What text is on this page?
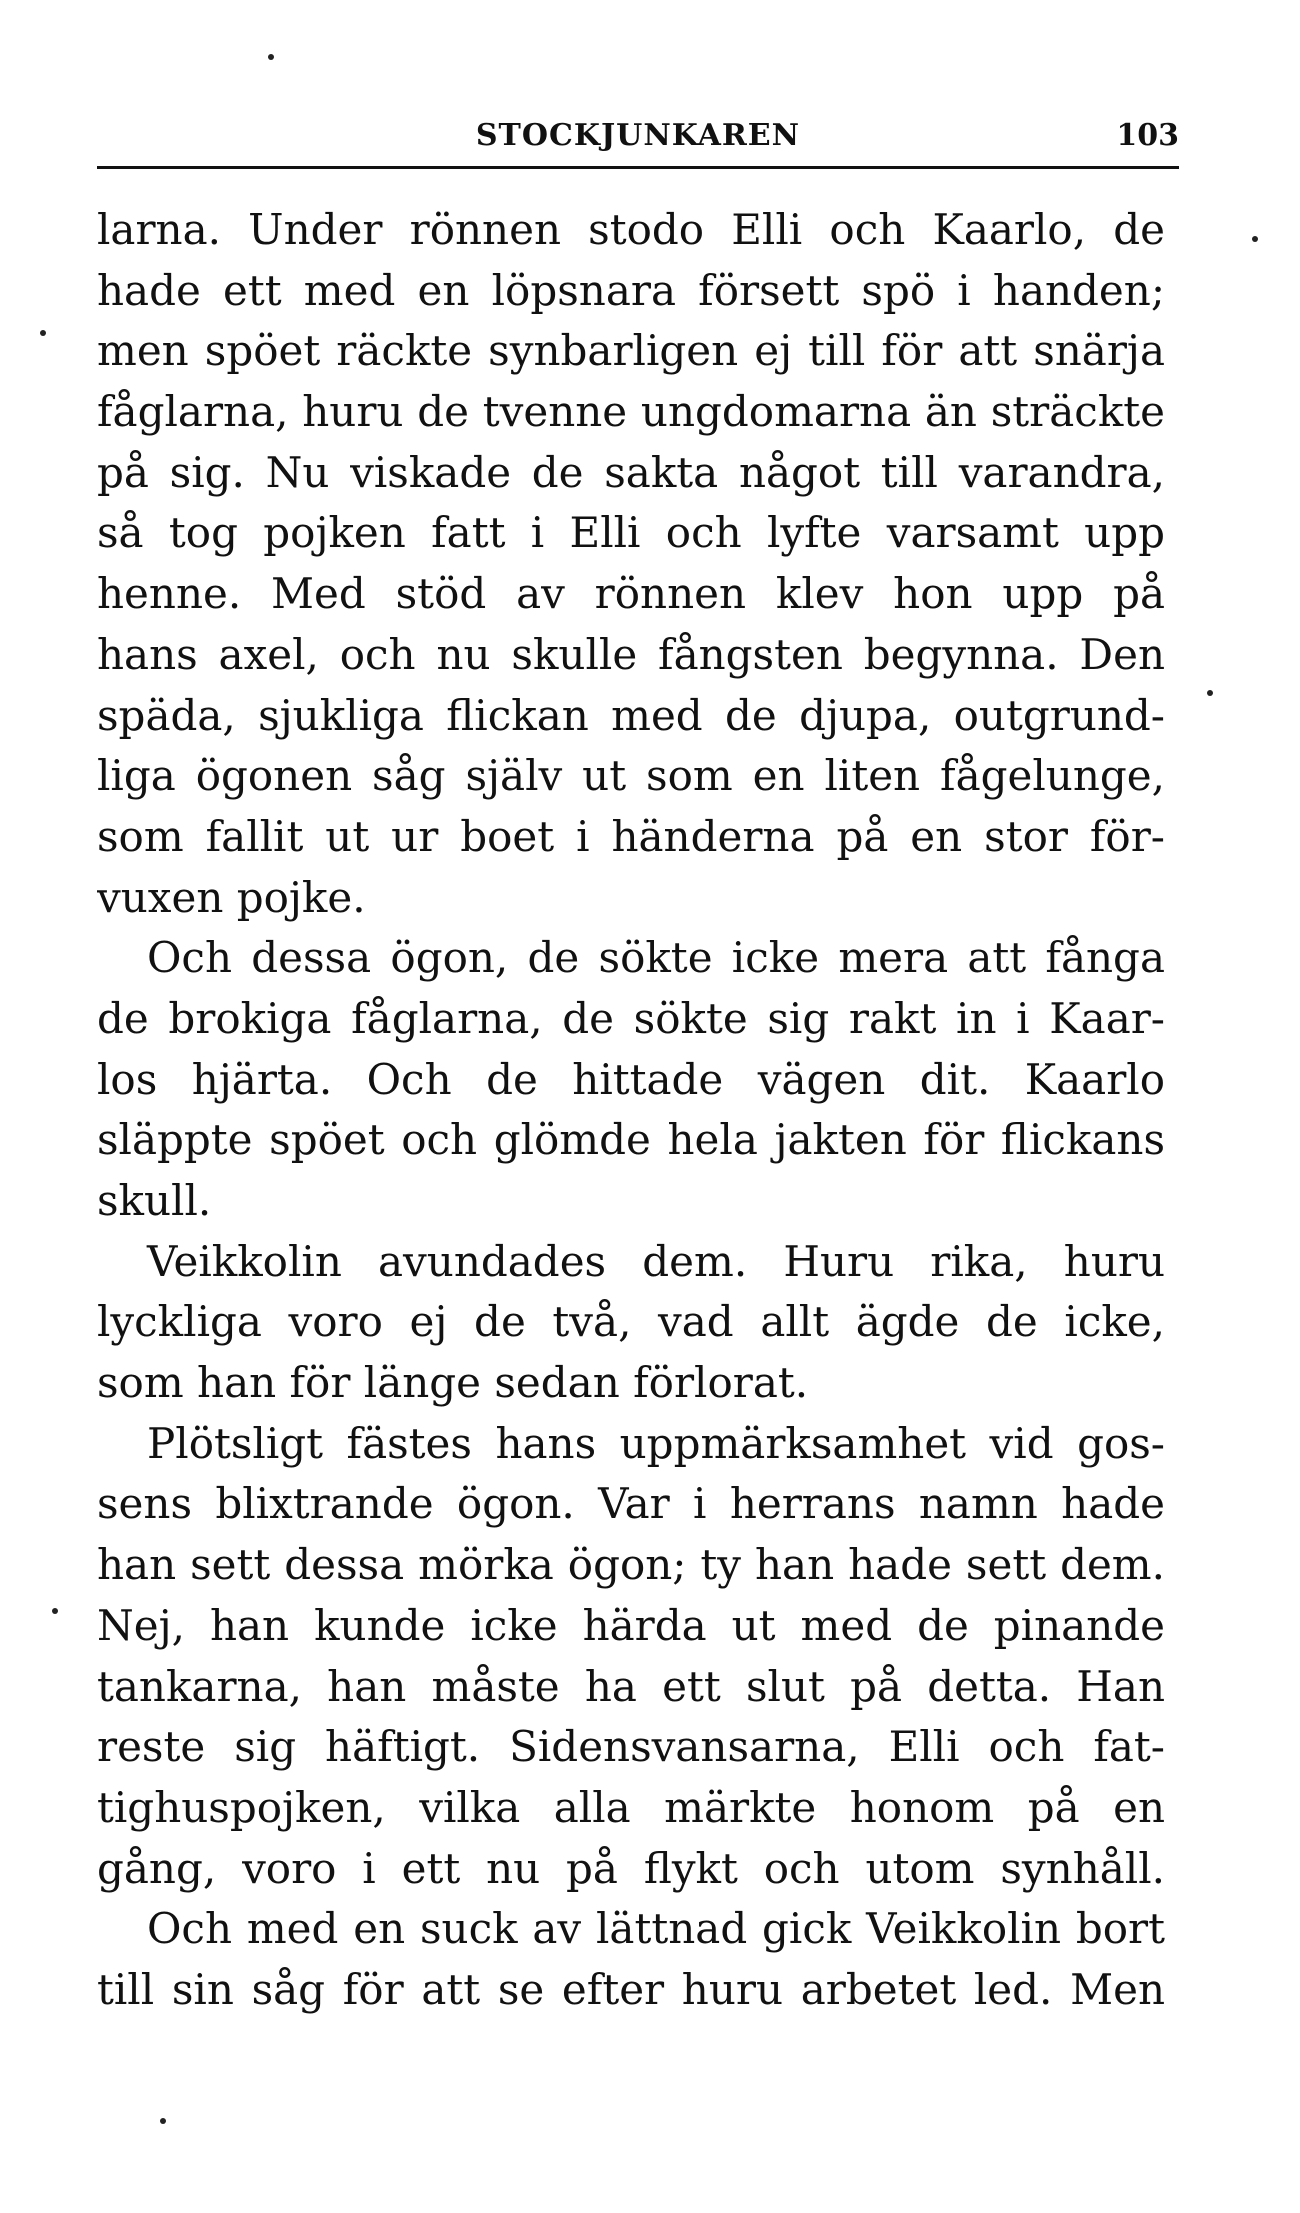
STOCKJUNKAREN	103
larna. Under rönnen stodo Elli och Kaarlo, de
hade ett med en löpsnara försett spö i handen;
men spöet räckte synbarligen ej till för att snärja
fåglarna, huru de tvenne ungdomarna än sträckte
på sig. Nu viskade de sakta något till varandra,
så tog pojken fatt i Elli och lyfte varsamt upp
henne. Med stöd av rönnen klev hon upp på
hans axel, och nu skulle fångsten begynna. Den
späda, sjukliga flickan med de djupa, outgrund-
liga ögonen såg själv ut som en liten fågelunge,
som fallit ut ur boet i händerna på en stor för-
vuxen pojke.
Och dessa ögon, de sökte icke mera att fånga
de brokiga fåglarna, de sökte sig rakt in i Kaar-
los hjärta. Och de hittade vägen dit. Kaarlo
släppte spöet och glömde hela jakten för flickans
skull.
Veikkolin avundades dem. Huru rika, huru
lyckliga voro ej de två, vad allt ägde de icke,
som han för länge sedan förlorat.
Plötsligt fästes hans uppmärksamhet vid gos-
sens blixtrande ögon. Var i herrans namn hade
han sett dessa mörka ögon; ty han hade sett dem.
Nej, han kunde icke härda ut med de pinande
tankarna, han måste ha ett slut på detta. Han
reste sig häftigt. Sidensvansarna, Elli och fat-
tighuspojken, vilka alla märkte honom på en
gång, voro i ett nu på flykt och utom synhåll.
Och med en suck av lättnad gick Veikkolin bort
till sin såg för att se efter huru arbetet led. Men
